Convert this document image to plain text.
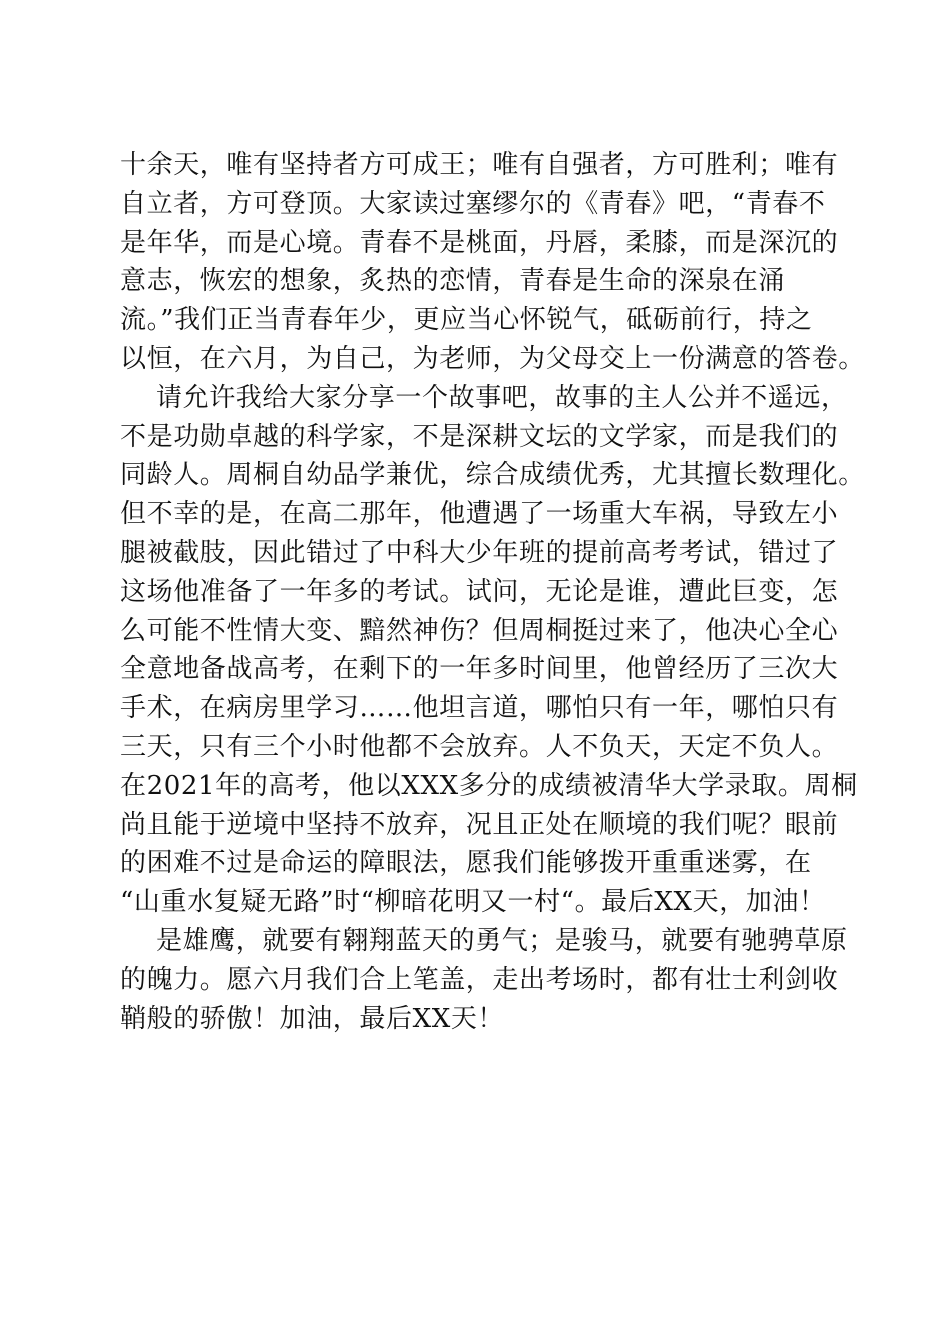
十余天，唯有坚持者方可成王；唯有自强者，方可胜利；唯有
自立者，方可登顶。大家读过塞缪尔的《青春》吧，“青春不
是年华，而是心境。青春不是桃面，丹唇，柔膝，而是深沉的
意志，恢宏的想象，炙热的恋情，青春是生命的深泉在涌
流。”我们正当青春年少，更应当心怀锐气，砥砺前行，持之
以恒，在六月，为自己，为老师，为父母交上一份满意的答卷。
请允许我给大家分享一个故事吧，故事的主人公并不遥远，
不是功勋卓越的科学家，不是深耕文坛的文学家，而是我们的
同龄人。周桐自幼品学兼优，综合成绩优秀，尤其擅长数理化。
但不幸的是，在高二那年，他遭遇了一场重大车祸，导致左小
腿被截肢，因此错过了中科大少年班的提前高考考试，错过了
这场他准备了一年多的考试。试问，无论是谁，遭此巨变，怎
么可能不性情大变、黯然神伤？但周桐挺过来了，他决心全心
全意地备战高考，在剩下的一年多时间里，他曾经历了三次大
手术，在病房里学习……他坦言道，哪怕只有一年，哪怕只有
三天，只有三个小时他都不会放弃。人不负天，天定不负人。
在2021年的高考，他以XXX多分的成绩被清华大学录取。周桐
尚且能于逆境中坚持不放弃，况且正处在顺境的我们呢？眼前
的困难不过是命运的障眼法，愿我们能够拨开重重迷雾，在
“山重水复疑无路”时“柳暗花明又一村“。最后XX天，加油！
是雄鹰，就要有翱翔蓝天的勇气；是骏马，就要有驰骋草原
的魄力。愿六月我们合上笔盖，走出考场时，都有壮士利剑收
鞘般的骄傲！加油，最后XX天！
